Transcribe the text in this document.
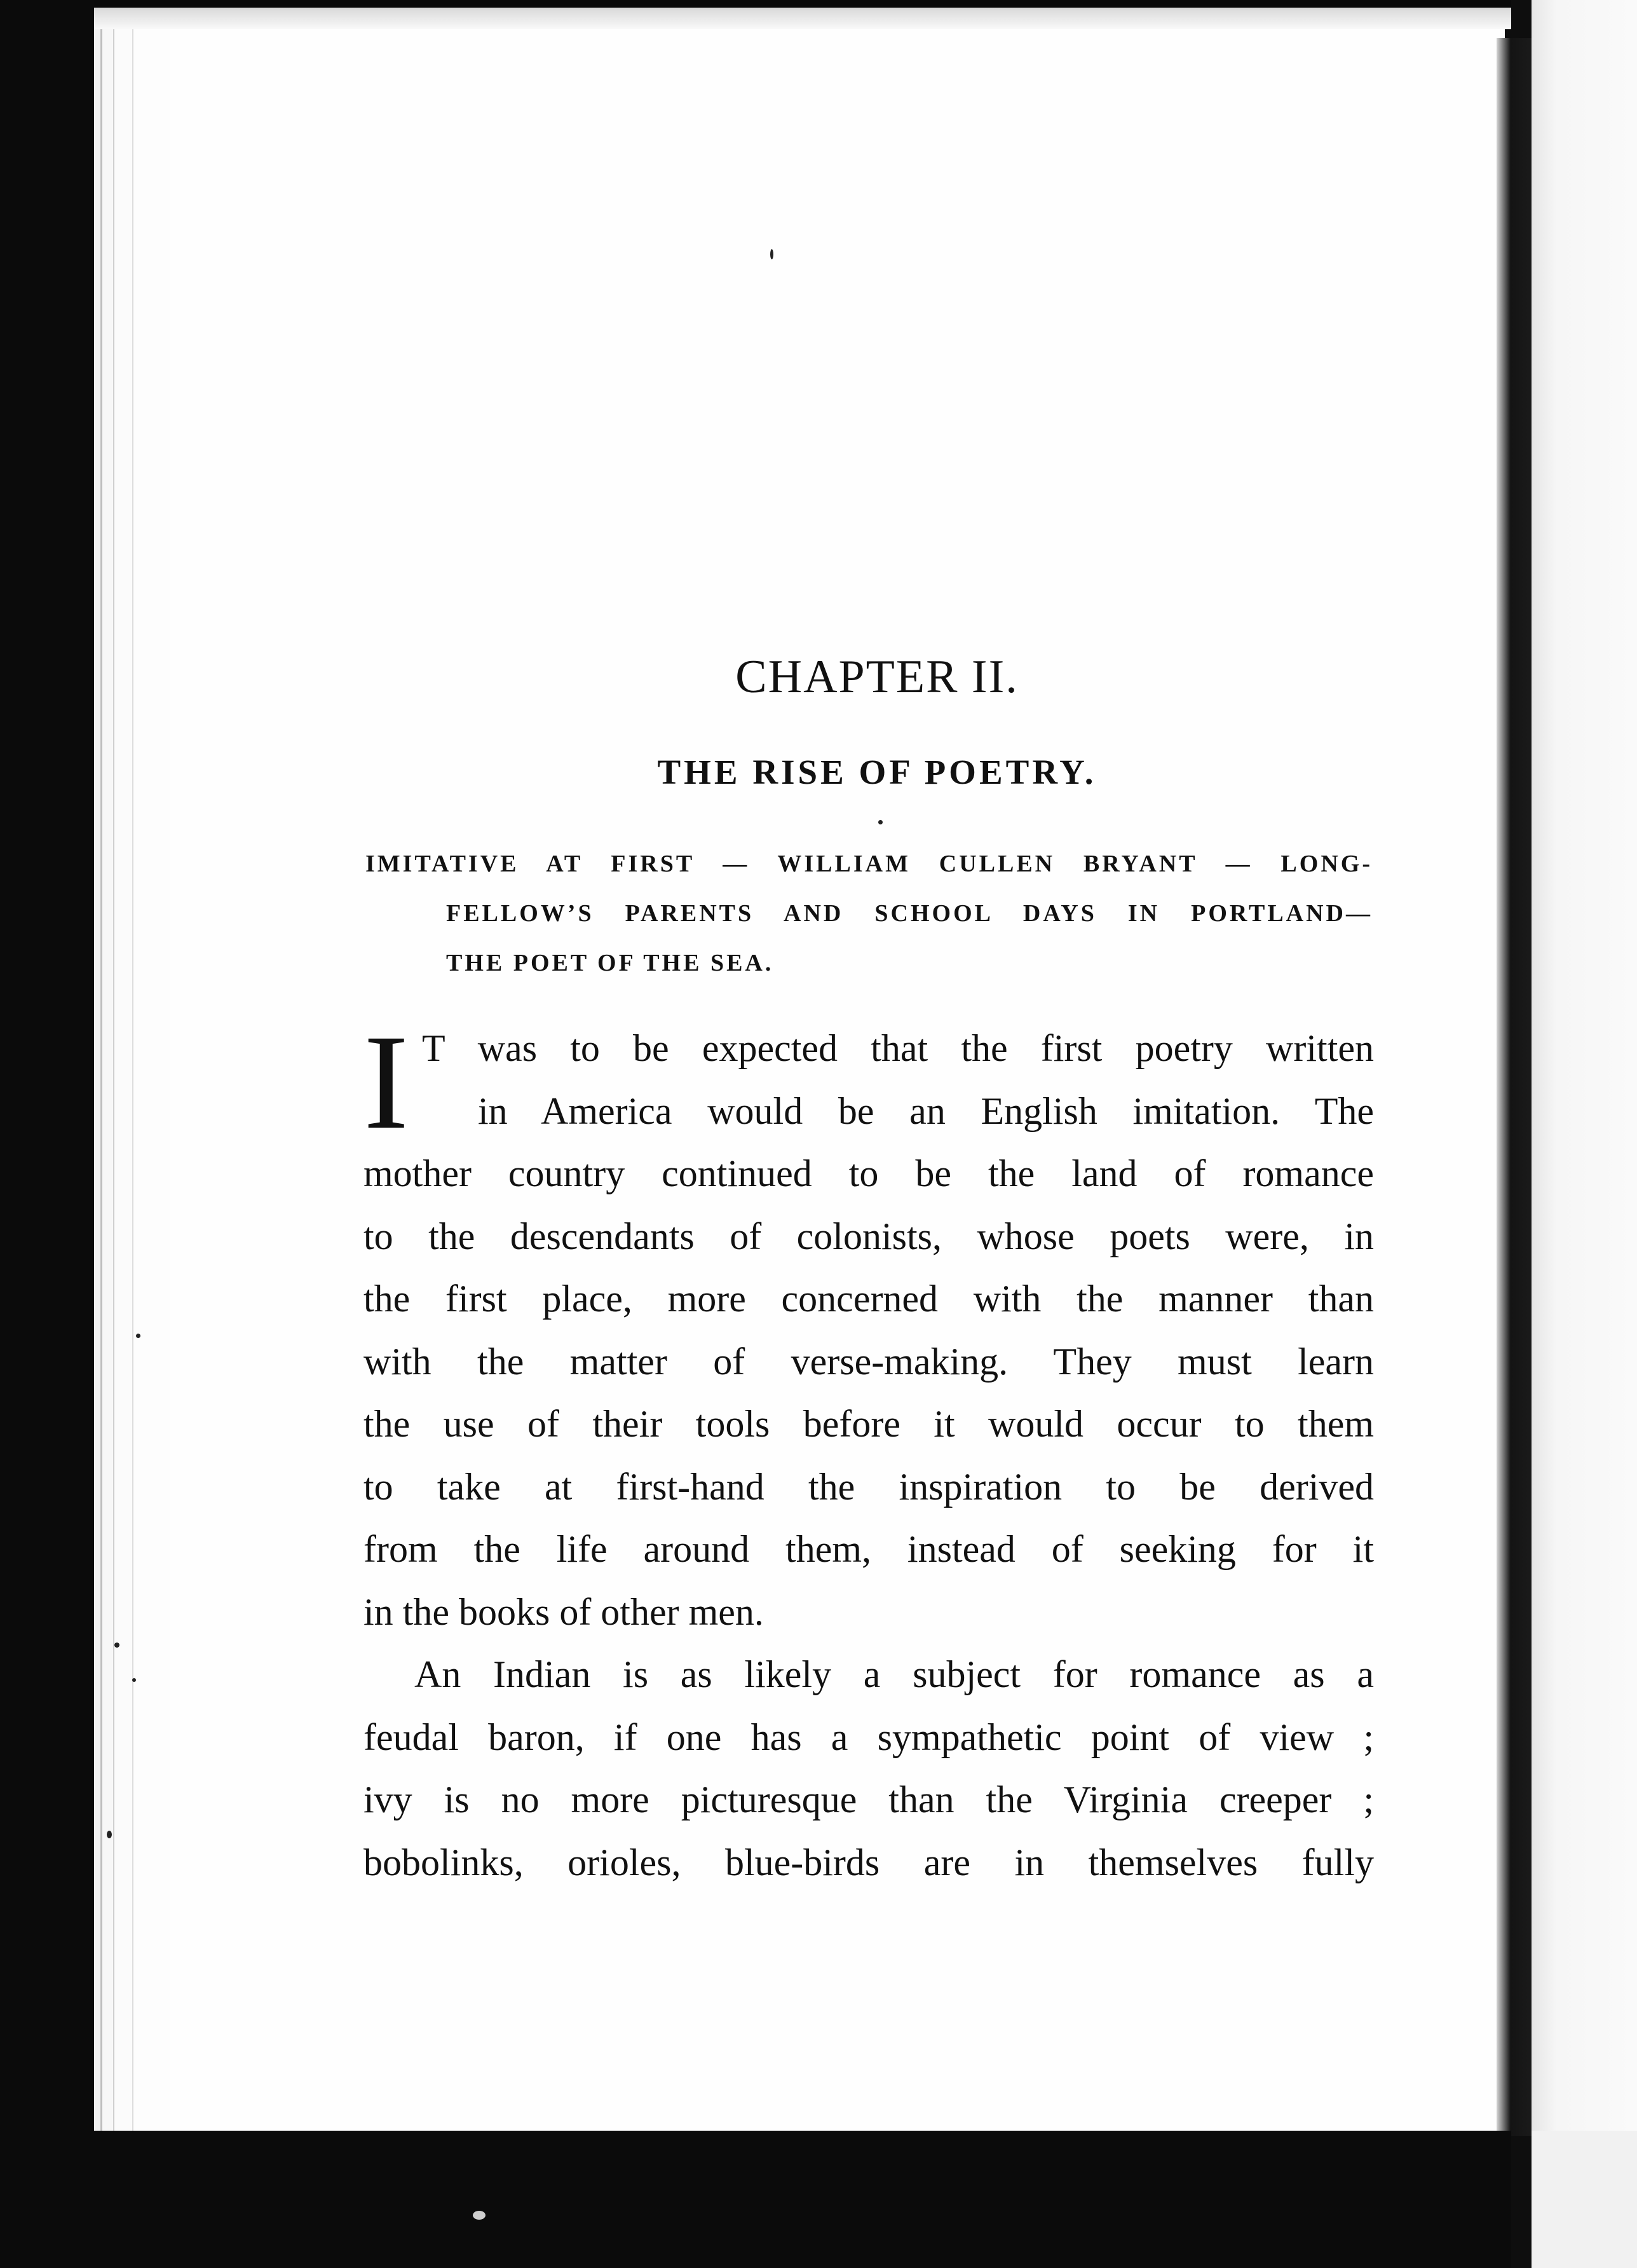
CHAPTER II.
THE RISE OF POETRY.
IMITATIVE AT FIRST — WILLIAM CULLEN BRYANT — LONG-
FELLOW’S PARENTS AND SCHOOL DAYS IN PORTLAND—
THE POET OF THE SEA.
I T was to be expected that the first poetry written
in America would be an English imitation. The
mother country continued to be the land of romance
to the descendants of colonists, whose poets were, in
the first place, more concerned with the manner than
with the matter of verse-making. They must learn
the use of their tools before it would occur to them
to take at first-hand the inspiration to be derived
from the life around them, instead of seeking for it
in the books of other men.
An Indian is as likely a subject for romance as a
feudal baron, if one has a sympathetic point of view ;
ivy is no more picturesque than the Virginia creeper ;
bobolinks, orioles, blue-birds are in themselves fully
